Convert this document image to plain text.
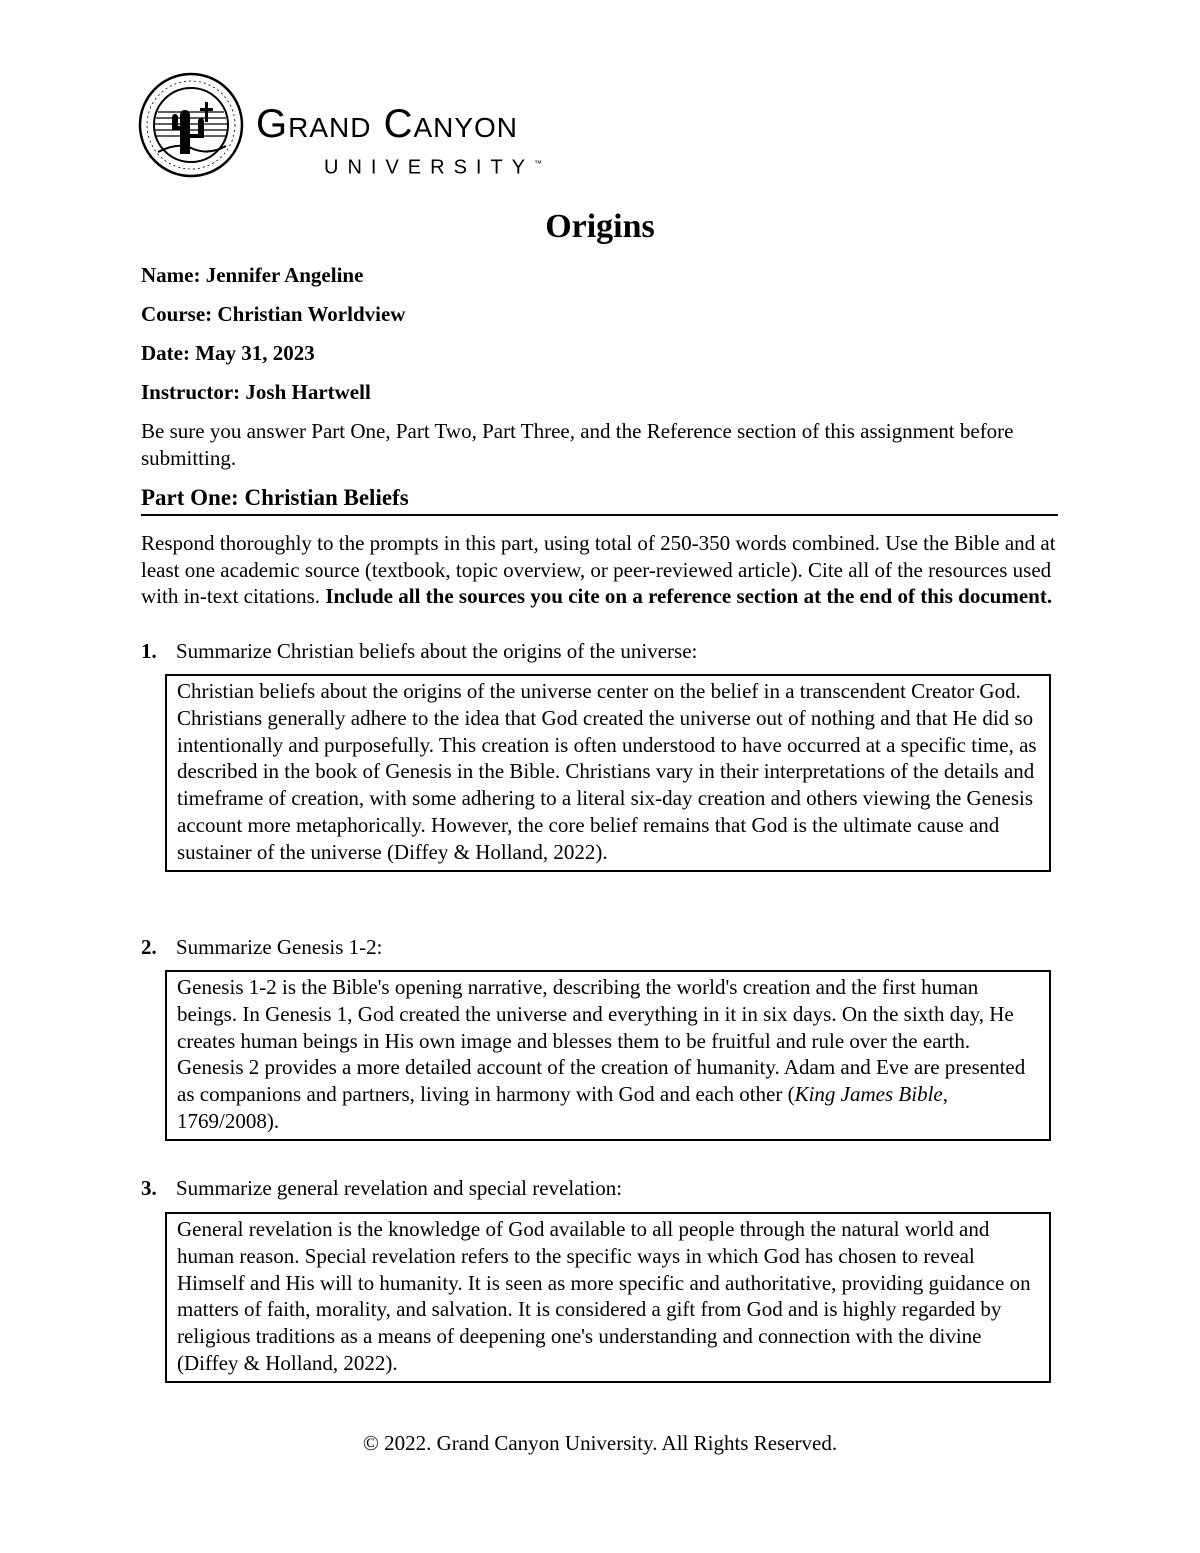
Grand Canyon
UNIVERSITY™
Origins
Name: Jennifer Angeline
Course: Christian Worldview
Date: May 31, 2023
Instructor: Josh Hartwell

Be sure you answer Part One, Part Two, Part Three, and the Reference section of this assignment before submitting.

Part One: Christian Beliefs

Respond thoroughly to the prompts in this part, using total of 250-350 words combined. Use the Bible and at least one academic source (textbook, topic overview, or peer-reviewed article). Cite all of the resources used with in-text citations. Include all the sources you cite on a reference section at the end of this document.

1. Summarize Christian beliefs about the origins of the universe:
Christian beliefs about the origins of the universe center on the belief in a transcendent Creator God. Christians generally adhere to the idea that God created the universe out of nothing and that He did so intentionally and purposefully. This creation is often understood to have occurred at a specific time, as described in the book of Genesis in the Bible. Christians vary in their interpretations of the details and timeframe of creation, with some adhering to a literal six-day creation and others viewing the Genesis account more metaphorically. However, the core belief remains that God is the ultimate cause and sustainer of the universe (Diffey & Holland, 2022).
2. Summarize Genesis 1-2:
Genesis 1-2 is the Bible's opening narrative, describing the world's creation and the first human beings. In Genesis 1, God created the universe and everything in it in six days. On the sixth day, He creates human beings in His own image and blesses them to be fruitful and rule over the earth. Genesis 2 provides a more detailed account of the creation of humanity. Adam and Eve are presented as companions and partners, living in harmony with God and each other (King James Bible, 1769/2008).
3. Summarize general revelation and special revelation:
General revelation is the knowledge of God available to all people through the natural world and human reason. Special revelation refers to the specific ways in which God has chosen to reveal Himself and His will to humanity. It is seen as more specific and authoritative, providing guidance on matters of faith, morality, and salvation. It is considered a gift from God and is highly regarded by religious traditions as a means of deepening one's understanding and connection with the divine (Diffey & Holland, 2022).
© 2022. Grand Canyon University. All Rights Reserved.
